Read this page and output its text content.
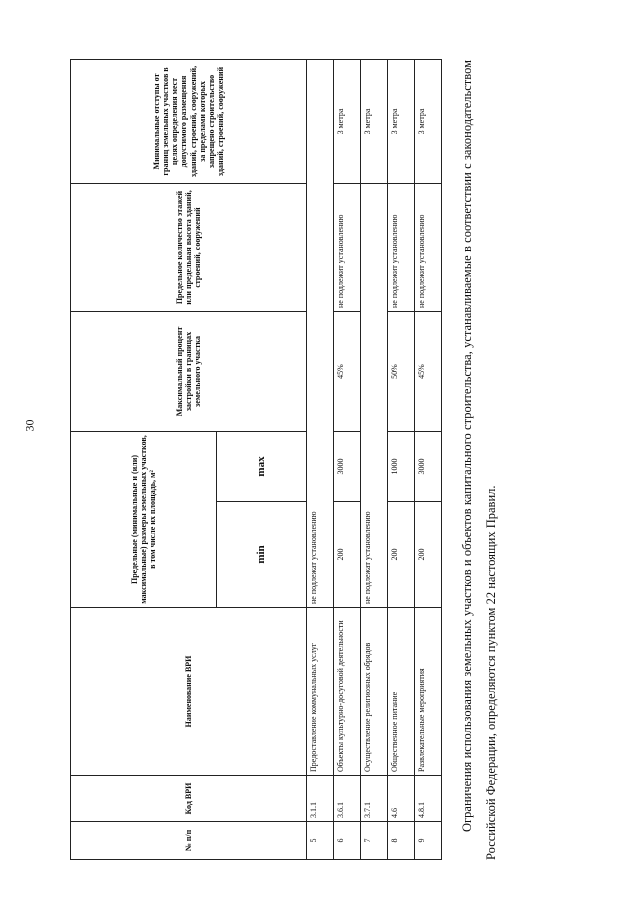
30
№ п/п	Код ВРИ	Наименование ВРИ	Предельные (минимальные и (или) максимальные) размеры земельных участков, в том числе их площадь, м²		Максимальный процент застройки в границах земельного участка	Предельное количество этажей или предельная высота зданий, строений, сооружений	Минимальные отступы от границ земельных участков в целях определения мест допустимого размещения зданий, строений, сооружений, за пределами которых запрещено строительство зданий, строений, сооружений
			min	max			
5	3.1.1	Предоставление коммунальных услуг	не подлежат установлению				
6	3.6.1	Объекты культурно-досуговой деятельности	200	3000	45%	не подлежит установлению	3 метра
7	3.7.1	Осуществление религиозных обрядов	не подлежат установлению				3 метра
8	4.6	Общественное питание	200	1000	50%	не подлежит установлению	3 метра
9	4.8.1	Развлекательные мероприятия	200	3000	45%	не подлежит установлению	3 метра	Ограничения использования земельных участков и объектов капитального строительства, устанавливаемые в соответствии с законодательством Российской Федерации, определяются пунктом 22 настоящих Правил.
